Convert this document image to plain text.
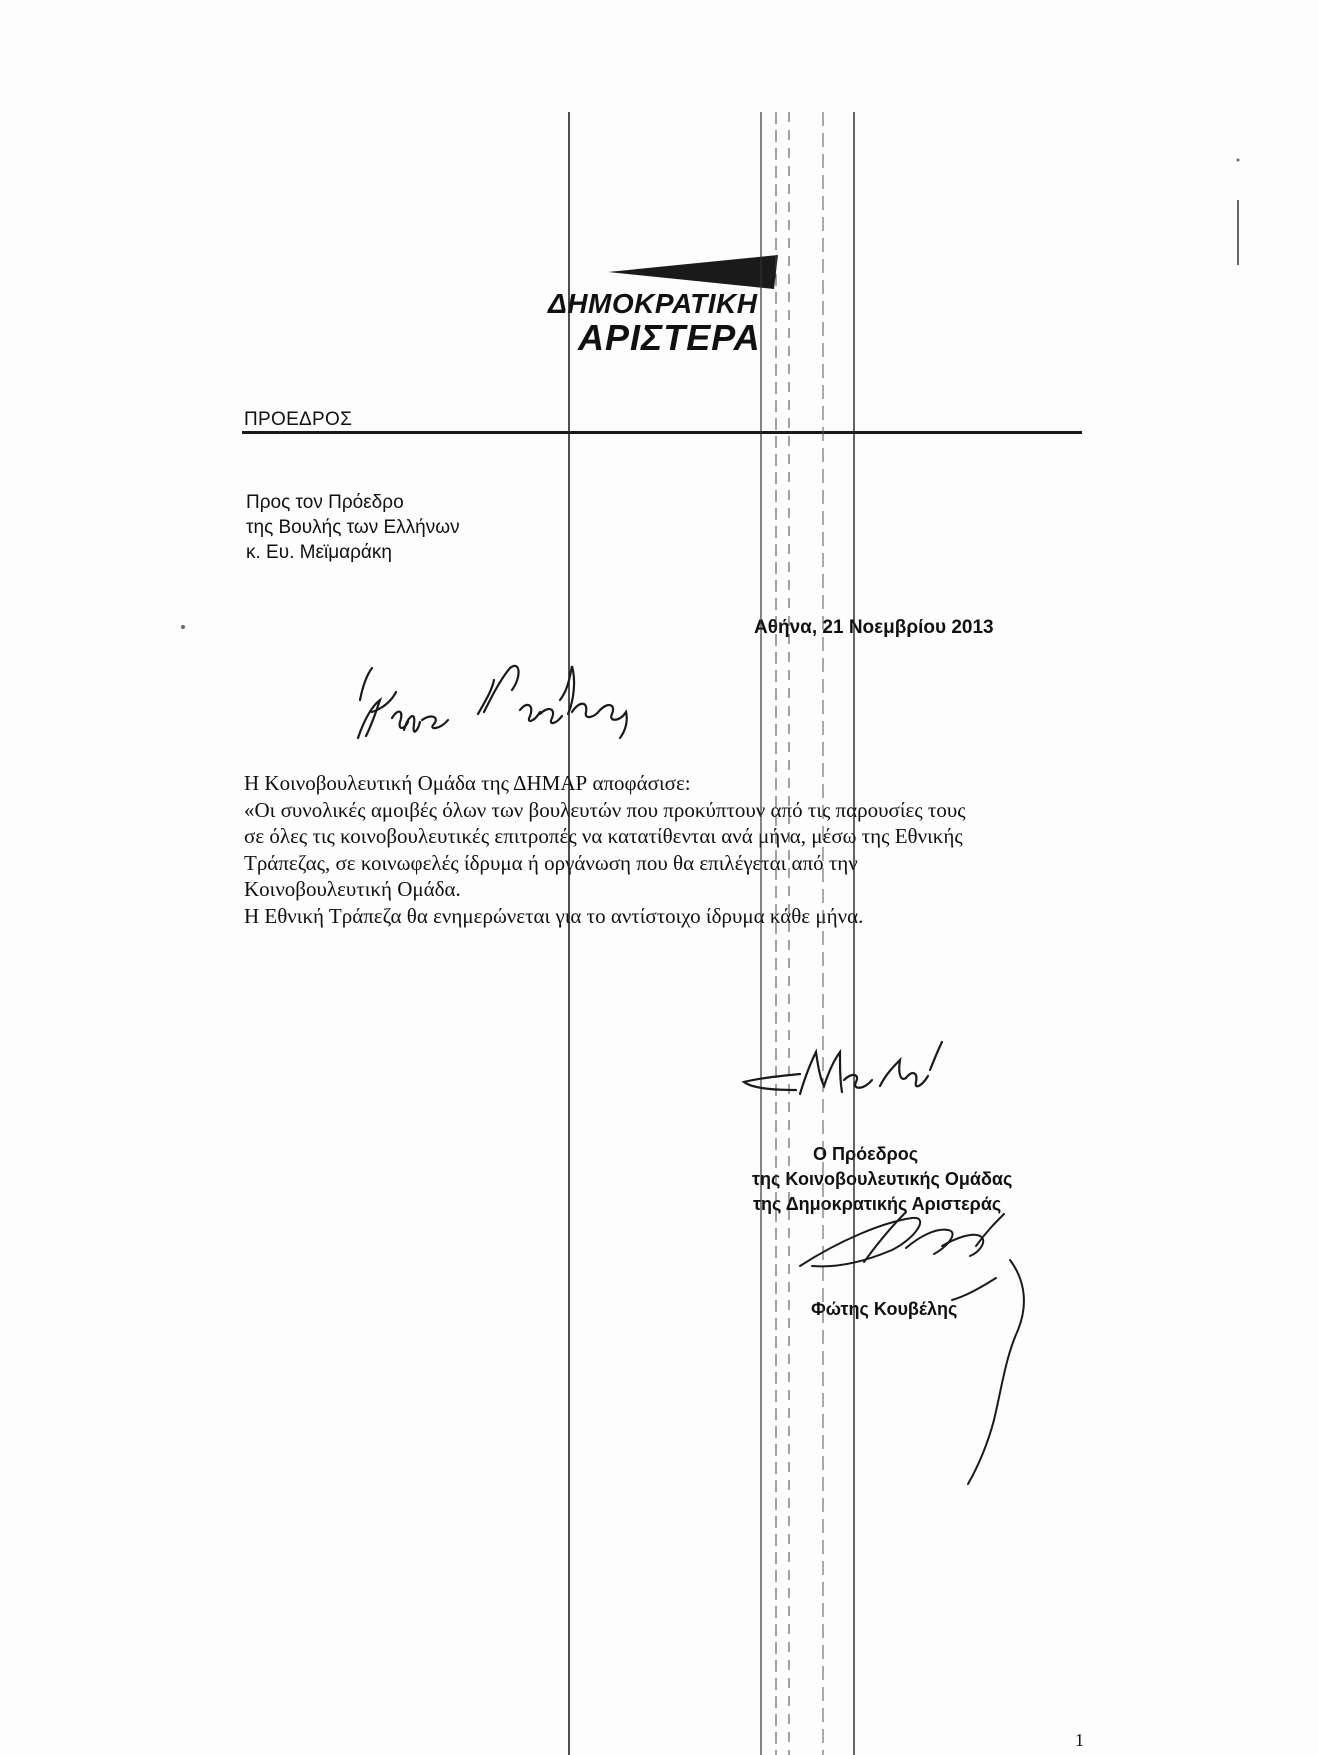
ΔΗΜΟΚΡΑΤΙΚΗ
ΑΡΙΣΤΕΡΑ
ΠΡΟΕΔΡΟΣ
Προς τον Πρόεδρο
της Βουλής των Ελλήνων
κ. Ευ. Μεϊμαράκη
Αθήνα, 21 Νοεμβρίου 2013

Η Κοινοβουλευτική Ομάδα της ΔΗΜΑΡ αποφάσισε:

«Οι συνολικές αμοιβές όλων των βουλευτών που προκύπτουν από τις παρουσίες τους

σε όλες τις κοινοβουλευτικές επιτροπές να κατατίθενται ανά μήνα, μέσω της Εθνικής

Τράπεζας, σε κοινωφελές ίδρυμα ή οργάνωση που θα επιλέγεται από την

Κοινοβουλευτική Ομάδα.

Η Εθνική Τράπεζα θα ενημερώνεται για το αντίστοιχο ίδρυμα κάθε μήνα.

Ο Πρόεδρος
της Κοινοβουλευτικής Ομάδας
της Δημοκρατικής Αριστεράς
Φώτης Κουβέλης
1
